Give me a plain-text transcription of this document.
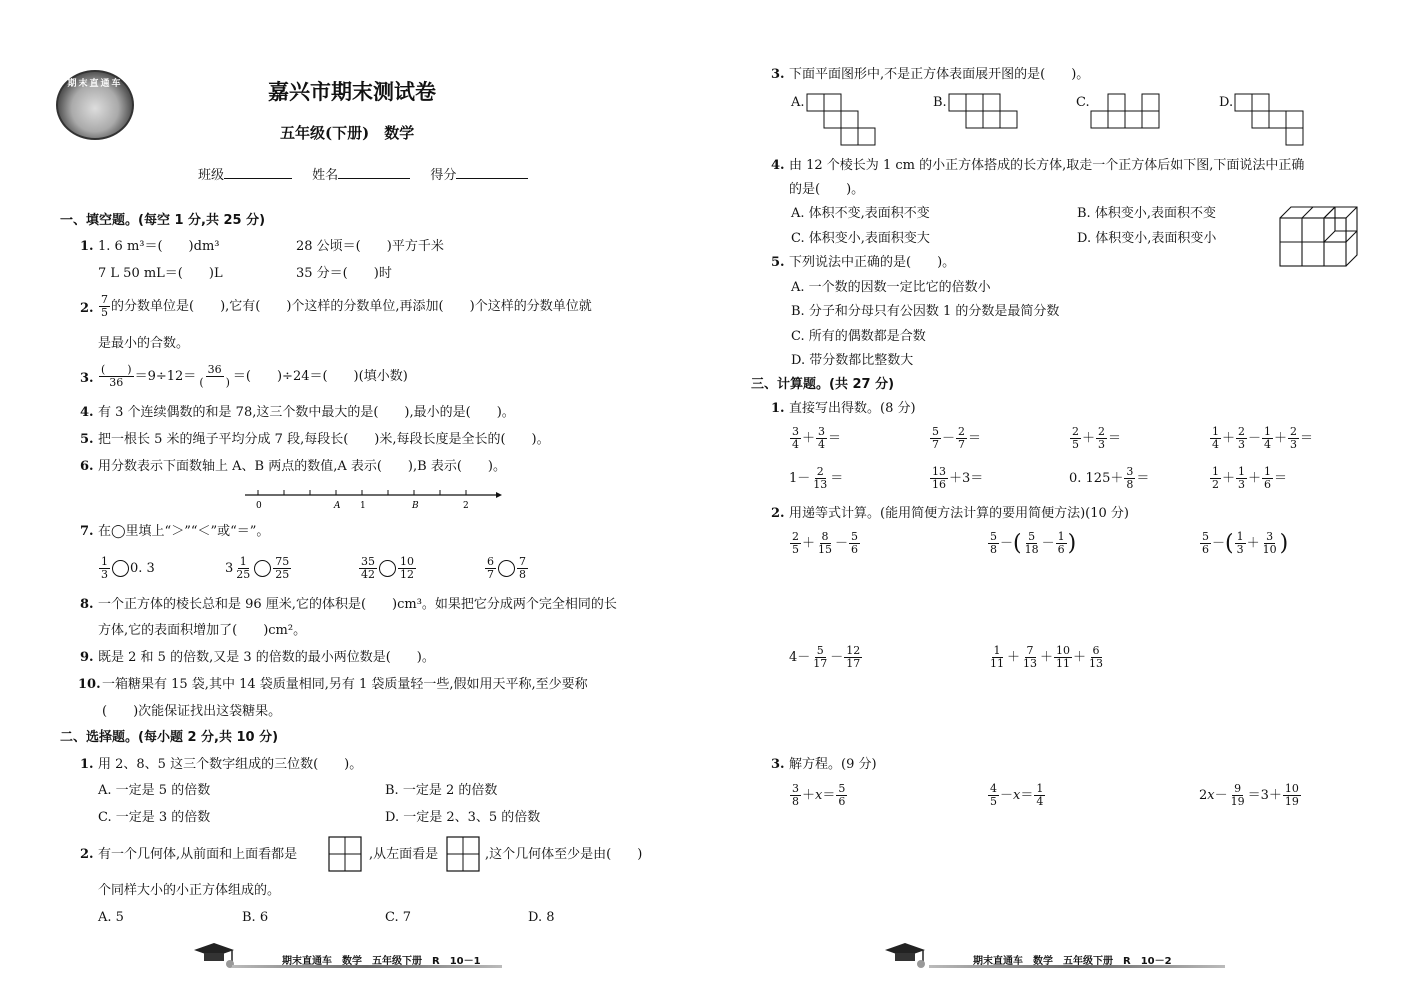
期末直通车	嘉兴市期末测试卷
五年级(下册)　数学
班级	姓名	得分
一、填空题。(每空 1 分,共 25 分)
1. 1. 6 m³＝(　　)dm³	28 公顷＝(　　)平方千米
7 L 50 mL＝(　　)L	35 分＝(　　)时
2. $\frac{7}{5}$ 的分数单位是(　　),它有(　　)个这样的分数单位,再添加(　　)个这样的分数单位就
是最小的合数。
3.
(　　)
36 ＝9÷12＝ 36
(　　) ＝(　　)÷24＝(　　)(填小数)
4. 有 3 个连续偶数的和是 78,这三个数中最大的是(　　),最小的是(　　)。
5. 把一根长 5 米的绳子平均分成 7 段,每段长(　　)米,每段长度是全长的(　　)。
6. 用分数表示下面数轴上 A、B 两点的数值,A 表示(　　),B 表示(　　)。
0	A 1	B	2
7. 在◯里填上“＞”“＜”或“＝”。
$\frac{1}{3} 0$. 3	$3 \frac{1}{25} \frac{75}{25}$	$\frac{35}{42} \frac{10}{12}$	$\frac{6}{7} \frac{7}{8}$
8. 一个正方体的棱长总和是 96 厘米,它的体积是(　　)cm³。如果把它分成两个完全相同的长
方体,它的表面积增加了(　　)cm²。
9. 既是 2 和 5 的倍数,又是 3 的倍数的最小两位数是(　　)。
10. 一箱糖果有 15 袋,其中 14 袋质量相同,另有 1 袋质量轻一些,假如用天平称,至少要称
(　　)次能保证找出这袋糖果。
二、选择题。(每小题 2 分,共 10 分)
1. 用 2、8、5 这三个数字组成的三位数(　　)。
A. 一定是 5 的倍数	B. 一定是 2 的倍数
C. 一定是 3 的倍数	D. 一定是 2、3、5 的倍数
2. 有一个几何体,从前面和上面看都是	,从左面看是	,这个几何体至少是由(　　)
个同样大小的小正方体组成的。
A. 5	B. 6	C. 7	D. 8
期末直通车　数学　五年级下册　R　10－1
3. 下面平面图形中,不是正方体表面展开图的是(　　)。
A.	B.	C.	D.
4. 由 12 个棱长为 1 cm 的小正方体搭成的长方体,取走一个正方体后如下图,下面说法中正确
的是(　　)。
A. 体积不变,表面积不变	B. 体积变小,表面积不变
C. 体积变小,表面积变大	D. 体积变小,表面积变小
5. 下列说法中正确的是(　　)。
A. 一个数的因数一定比它的倍数小
B. 分子和分母只有公因数 1 的分数是最简分数
C. 所有的偶数都是合数
D. 带分数都比整数大
三、计算题。(共 27 分)
1. 直接写出得数。(8 分)
$\frac{3}{4} + \frac{3}{4}$ ＝	$\frac{5}{7} - \frac{2}{7}$ ＝	$\frac{2}{5} + \frac{2}{3}$ ＝	$\frac{1}{4} + \frac{2}{3} - \frac{1}{4} + \frac{2}{3}$ ＝
$1- \frac{2}{13}$ ＝	$\frac{13}{16} +3=$	0. $125+ \frac{3}{8}$ ＝	$\frac{1}{2} + \frac{1}{3} + \frac{1}{6}$ ＝
2. 用递等式计算。(能用简便方法计算的要用简便方法)(10 分)
$\frac{2}{5} + \frac{8}{15} - \frac{5}{6}$	$\frac{5}{8}$ －( $\frac{5}{18} - \frac{1}{6}$ )	$\frac{5}{6}$ －( $\frac{1}{3} + \frac{3}{10}$ )
$4- \frac{5}{17} - \frac{12}{17}$	$\frac{1}{11} + \frac{7}{13} + \frac{10}{11} + \frac{6}{13}$
3. 解方程。(9 分)
$\frac{3}{8} +x= \frac{5}{6}$	$\frac{4}{5} -x= \frac{1}{4}$	$2x- \frac{9}{19} =3+ \frac{10}{19}$
期末直通车　数学　五年级下册　R　10－2
